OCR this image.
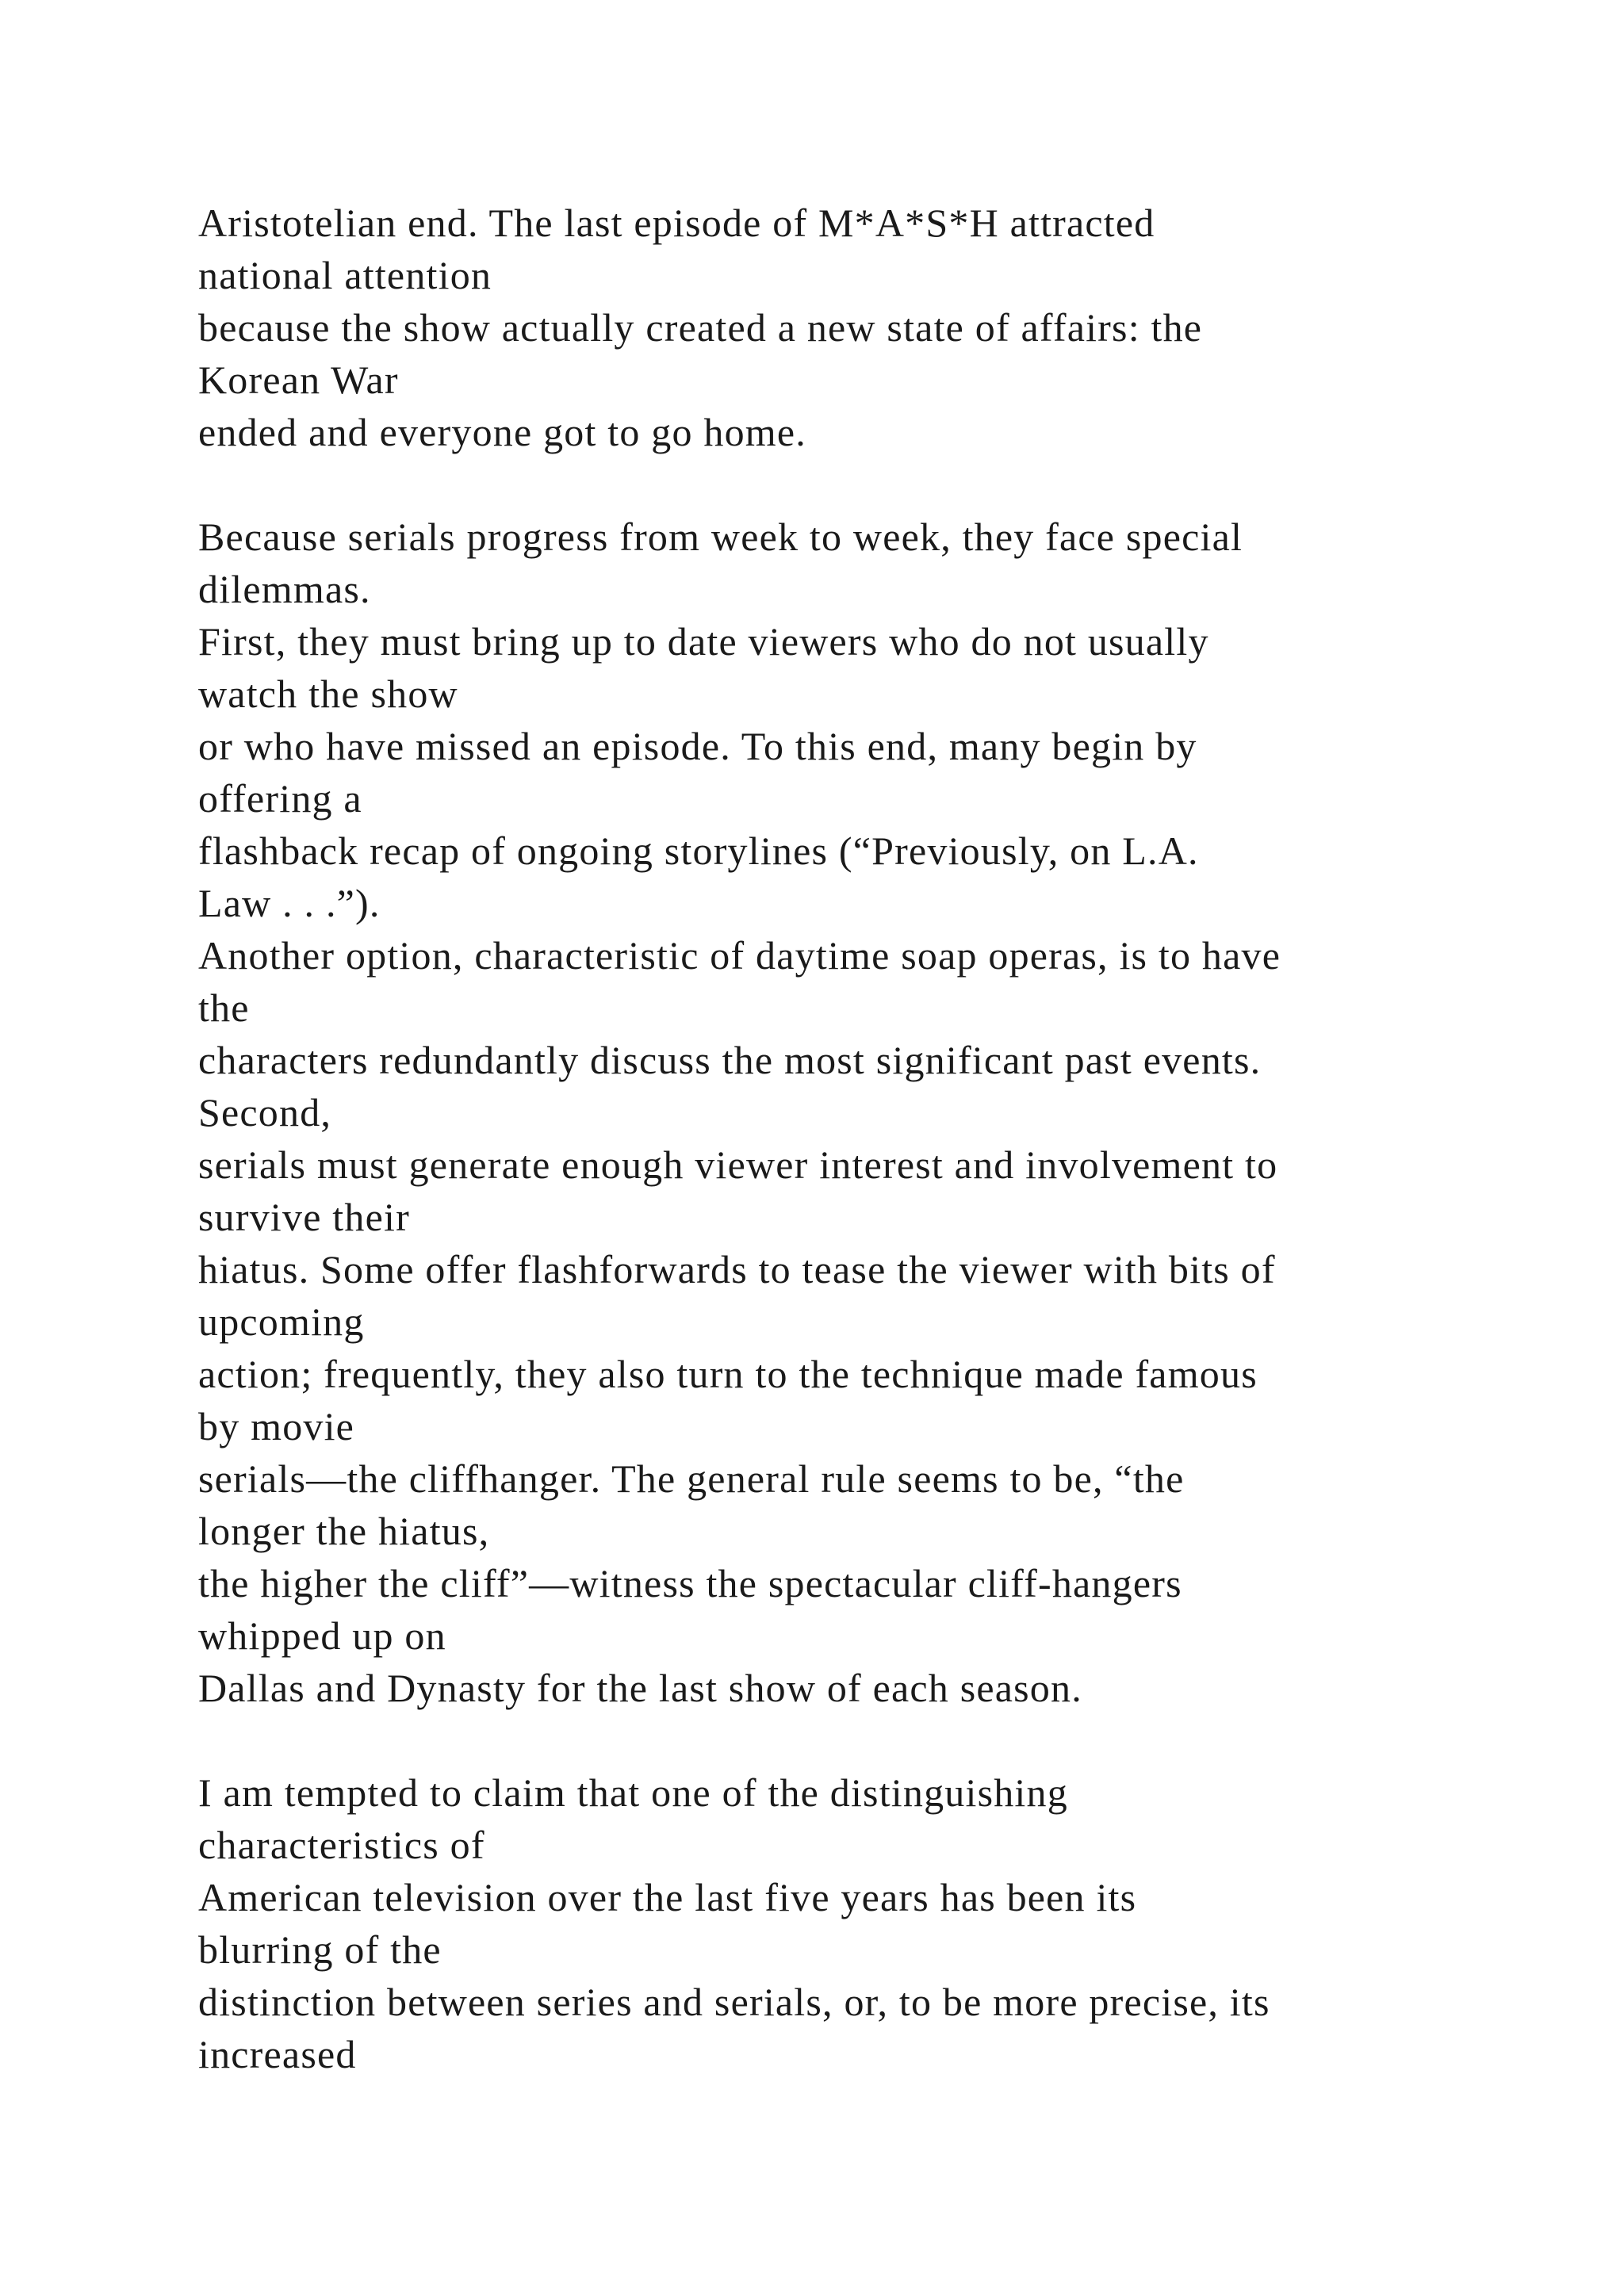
Aristotelian end. The last episode of M*A*S*H attracted
national attention
because the show actually created a new state of affairs: the
Korean War
ended and everyone got to go home.
Because serials progress from week to week, they face special
dilemmas.
First, they must bring up to date viewers who do not usually
watch the show
or who have missed an episode. To this end, many begin by
offering a
flashback recap of ongoing storylines (“Previously, on L.A.
Law . . .”).
Another option, characteristic of daytime soap operas, is to have
the
characters redundantly discuss the most significant past events.
Second,
serials must generate enough viewer interest and involvement to
survive their
hiatus. Some offer flashforwards to tease the viewer with bits of
upcoming
action; frequently, they also turn to the technique made famous
by movie
serials—the cliffhanger. The general rule seems to be, “the
longer the hiatus,
the higher the cliff”—witness the spectacular cliff-hangers
whipped up on
Dallas and Dynasty for the last show of each season.
I am tempted to claim that one of the distinguishing
characteristics of
American television over the last five years has been its
blurring of the
distinction between series and serials, or, to be more precise, its
increased
